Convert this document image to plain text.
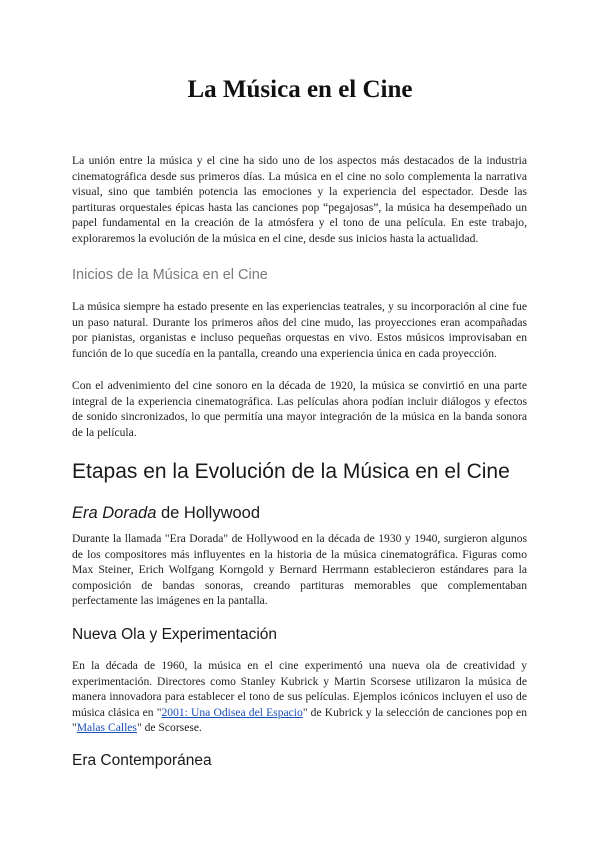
La Música en el Cine

La unión entre la música y el cine ha sido uno de los aspectos más destacados de la industria cinematográfica desde sus primeros días. La música en el cine no solo complementa la narrativa visual, sino que también potencia las emociones y la experiencia del espectador. Desde las partituras orquestales épicas hasta las canciones pop “pegajosas”, la música ha desempeñado un papel fundamental en la creación de la atmósfera y el tono de una película. En este trabajo, exploraremos la evolución de la música en el cine, desde sus inicios hasta la actualidad.

Inicios de la Música en el Cine

La música siempre ha estado presente en las experiencias teatrales, y su incorporación al cine fue un paso natural. Durante los primeros años del cine mudo, las proyecciones eran acompañadas por pianistas, organistas e incluso pequeñas orquestas en vivo. Estos músicos improvisaban en función de lo que sucedía en la pantalla, creando una experiencia única en cada proyección.

Con el advenimiento del cine sonoro en la década de 1920, la música se convirtió en una parte integral de la experiencia cinematográfica. Las películas ahora podían incluir diálogos y efectos de sonido sincronizados, lo que permitía una mayor integración de la música en la banda sonora de la película.

Etapas en la Evolución de la Música en el Cine
Era Dorada de Hollywood

Durante la llamada "Era Dorada" de Hollywood en la década de 1930 y 1940, surgieron algunos de los compositores más influyentes en la historia de la música cinematográfica. Figuras como Max Steiner, Erich Wolfgang Korngold y Bernard Herrmann establecieron estándares para la composición de bandas sonoras, creando partituras memorables que complementaban perfectamente las imágenes en la pantalla.

Nueva Ola y Experimentación

En la década de 1960, la música en el cine experimentó una nueva ola de creatividad y experimentación. Directores como Stanley Kubrick y Martin Scorsese utilizaron la música de manera innovadora para establecer el tono de sus películas. Ejemplos icónicos incluyen el uso de música clásica en "2001: Una Odisea del Espacio" de Kubrick y la selección de canciones pop en "Malas Calles" de Scorsese.

Era Contemporánea
